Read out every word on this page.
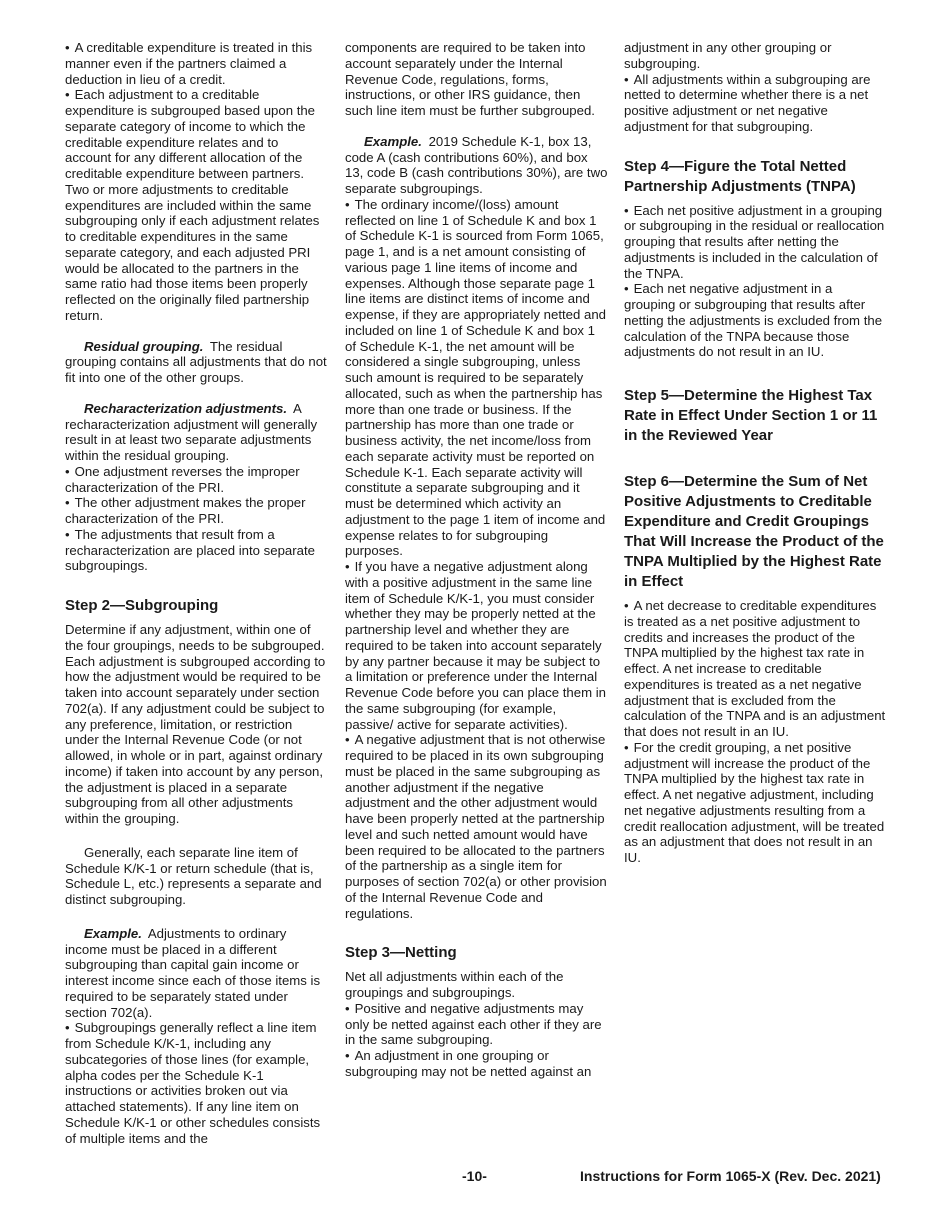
• A creditable expenditure is treated in this manner even if the partners claimed a deduction in lieu of a credit.

• Each adjustment to a creditable expenditure is subgrouped based upon the separate category of income to which the creditable expenditure relates and to account for any different allocation of the creditable expenditure between partners. Two or more adjustments to creditable expenditures are included within the same subgrouping only if each adjustment relates to creditable expenditures in the same separate category, and each adjusted PRI would be allocated to the partners in the same ratio had those items been properly reflected on the originally filed partnership return.

Residual grouping. The residual grouping contains all adjustments that do not fit into one of the other groups.

Recharacterization adjustments. A recharacterization adjustment will generally result in at least two separate adjustments within the residual grouping.

• One adjustment reverses the improper characterization of the PRI.

• The other adjustment makes the proper characterization of the PRI.

• The adjustments that result from a recharacterization are placed into separate subgroupings.

Step 2—Subgrouping

Determine if any adjustment, within one of the four groupings, needs to be subgrouped. Each adjustment is subgrouped according to how the adjustment would be required to be taken into account separately under section 702(a). If any adjustment could be subject to any preference, limitation, or restriction under the Internal Revenue Code (or not allowed, in whole or in part, against ordinary income) if taken into account by any person, the adjustment is placed in a separate subgrouping from all other adjustments within the grouping.

Generally, each separate line item of Schedule K/K-1 or return schedule (that is, Schedule L, etc.) represents a separate and distinct subgrouping.

Example. Adjustments to ordinary income must be placed in a different subgrouping than capital gain income or interest income since each of those items is required to be separately stated under section 702(a).

• Subgroupings generally reflect a line item from Schedule K/K-1, including any subcategories of those lines (for example, alpha codes per the Schedule K-1 instructions or activities broken out via attached statements). If any line item on Schedule K/K-1 or other schedules consists of multiple items and the

components are required to be taken into account separately under the Internal Revenue Code, regulations, forms, instructions, or other IRS guidance, then such line item must be further subgrouped.

Example. 2019 Schedule K-1, box 13, code A (cash contributions 60%), and box 13, code B (cash contributions 30%), are two separate subgroupings.

• The ordinary income/(loss) amount reflected on line 1 of Schedule K and box 1 of Schedule K-1 is sourced from Form 1065, page 1, and is a net amount consisting of various page 1 line items of income and expenses. Although those separate page 1 line items are distinct items of income and expense, if they are appropriately netted and included on line 1 of Schedule K and box 1 of Schedule K-1, the net amount will be considered a single subgrouping, unless such amount is required to be separately allocated, such as when the partnership has more than one trade or business. If the partnership has more than one trade or business activity, the net income/loss from each separate activity must be reported on Schedule K-1. Each separate activity will constitute a separate subgrouping and it must be determined which activity an adjustment to the page 1 item of income and expense relates to for subgrouping purposes.

• If you have a negative adjustment along with a positive adjustment in the same line item of Schedule K/K-1, you must consider whether they may be properly netted at the partnership level and whether they are required to be taken into account separately by any partner because it may be subject to a limitation or preference under the Internal Revenue Code before you can place them in the same subgrouping (for example, passive/ active for separate activities).

• A negative adjustment that is not otherwise required to be placed in its own subgrouping must be placed in the same subgrouping as another adjustment if the negative adjustment and the other adjustment would have been properly netted at the partnership level and such netted amount would have been required to be allocated to the partners of the partnership as a single item for purposes of section 702(a) or other provision of the Internal Revenue Code and regulations.

Step 3—Netting

Net all adjustments within each of the groupings and subgroupings.

• Positive and negative adjustments may only be netted against each other if they are in the same subgrouping.

• An adjustment in one grouping or subgrouping may not be netted against an

adjustment in any other grouping or subgrouping.

• All adjustments within a subgrouping are netted to determine whether there is a net positive adjustment or net negative adjustment for that subgrouping.

Step 4—Figure the Total Netted Partnership Adjustments (TNPA)

• Each net positive adjustment in a grouping or subgrouping in the residual or reallocation grouping that results after netting the adjustments is included in the calculation of the TNPA.

• Each net negative adjustment in a grouping or subgrouping that results after netting the adjustments is excluded from the calculation of the TNPA because those adjustments do not result in an IU.

Step 5—Determine the Highest Tax Rate in Effect Under Section 1 or 11 in the Reviewed Year
Step 6—Determine the Sum of Net Positive Adjustments to Creditable Expenditure and Credit Groupings That Will Increase the Product of the TNPA Multiplied by the Highest Rate in Effect

• A net decrease to creditable expenditures is treated as a net positive adjustment to credits and increases the product of the TNPA multiplied by the highest tax rate in effect. A net increase to creditable expenditures is treated as a net negative adjustment that is excluded from the calculation of the TNPA and is an adjustment that does not result in an IU.

• For the credit grouping, a net positive adjustment will increase the product of the TNPA multiplied by the highest tax rate in effect. A net negative adjustment, including net negative adjustments resulting from a credit reallocation adjustment, will be treated as an adjustment that does not result in an IU.

-10-	Instructions for Form 1065-X (Rev. Dec. 2021)
